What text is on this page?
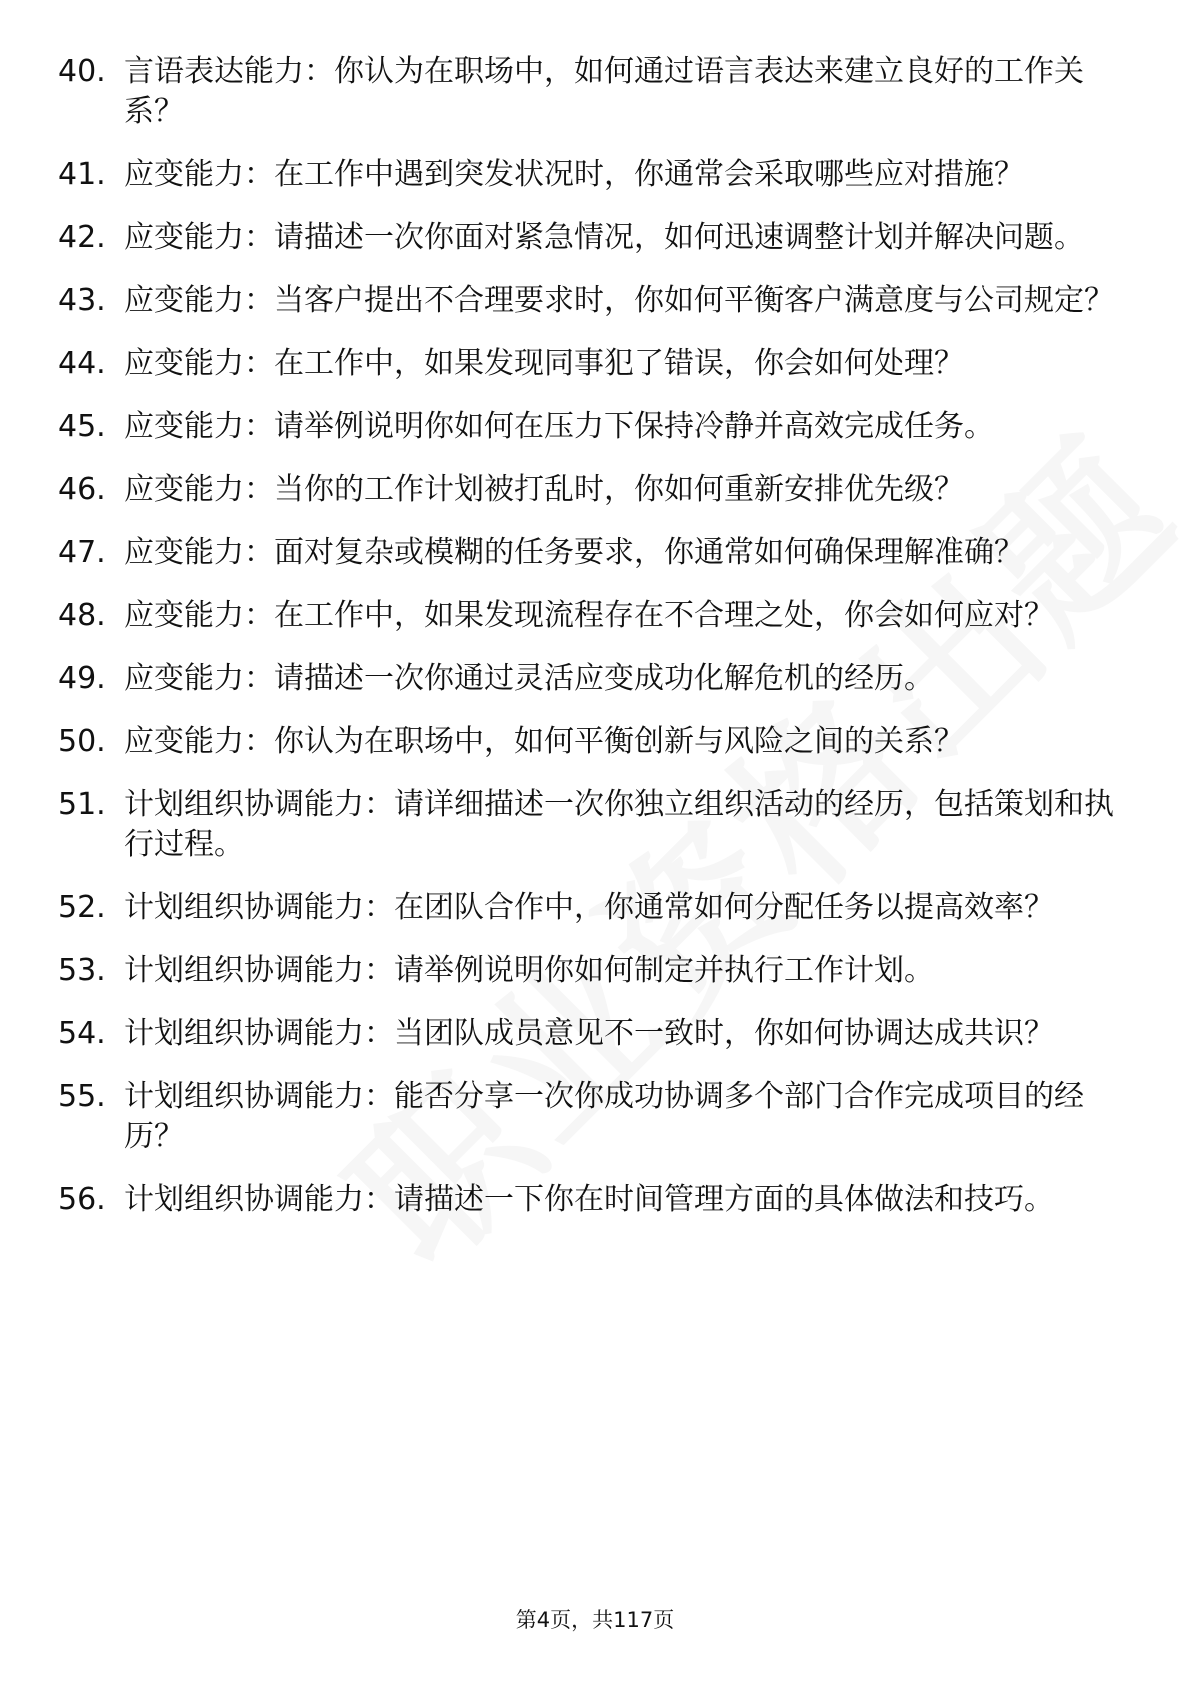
40. 言语表达能力：你认为在职场中，如何通过语言表达来建立良好的工作关系？
41. 应变能力：在工作中遇到突发状况时，你通常会采取哪些应对措施？
42. 应变能力：请描述一次你面对紧急情况，如何迅速调整计划并解决问题。
43. 应变能力：当客户提出不合理要求时，你如何平衡客户满意度与公司规定？
44. 应变能力：在工作中，如果发现同事犯了错误，你会如何处理？
45. 应变能力：请举例说明你如何在压力下保持冷静并高效完成任务。
46. 应变能力：当你的工作计划被打乱时，你如何重新安排优先级？
47. 应变能力：面对复杂或模糊的任务要求，你通常如何确保理解准确？
48. 应变能力：在工作中，如果发现流程存在不合理之处，你会如何应对？
49. 应变能力：请描述一次你通过灵活应变成功化解危机的经历。
50. 应变能力：你认为在职场中，如何平衡创新与风险之间的关系？
51. 计划组织协调能力：请详细描述一次你独立组织活动的经历，包括策划和执行过程。
52. 计划组织协调能力：在团队合作中，你通常如何分配任务以提高效率？
53. 计划组织协调能力：请举例说明你如何制定并执行工作计划。
54. 计划组织协调能力：当团队成员意见不一致时，你如何协调达成共识？
55. 计划组织协调能力：能否分享一次你成功协调多个部门合作完成项目的经历？
56. 计划组织协调能力：请描述一下你在时间管理方面的具体做法和技巧。
第4页，共117页
